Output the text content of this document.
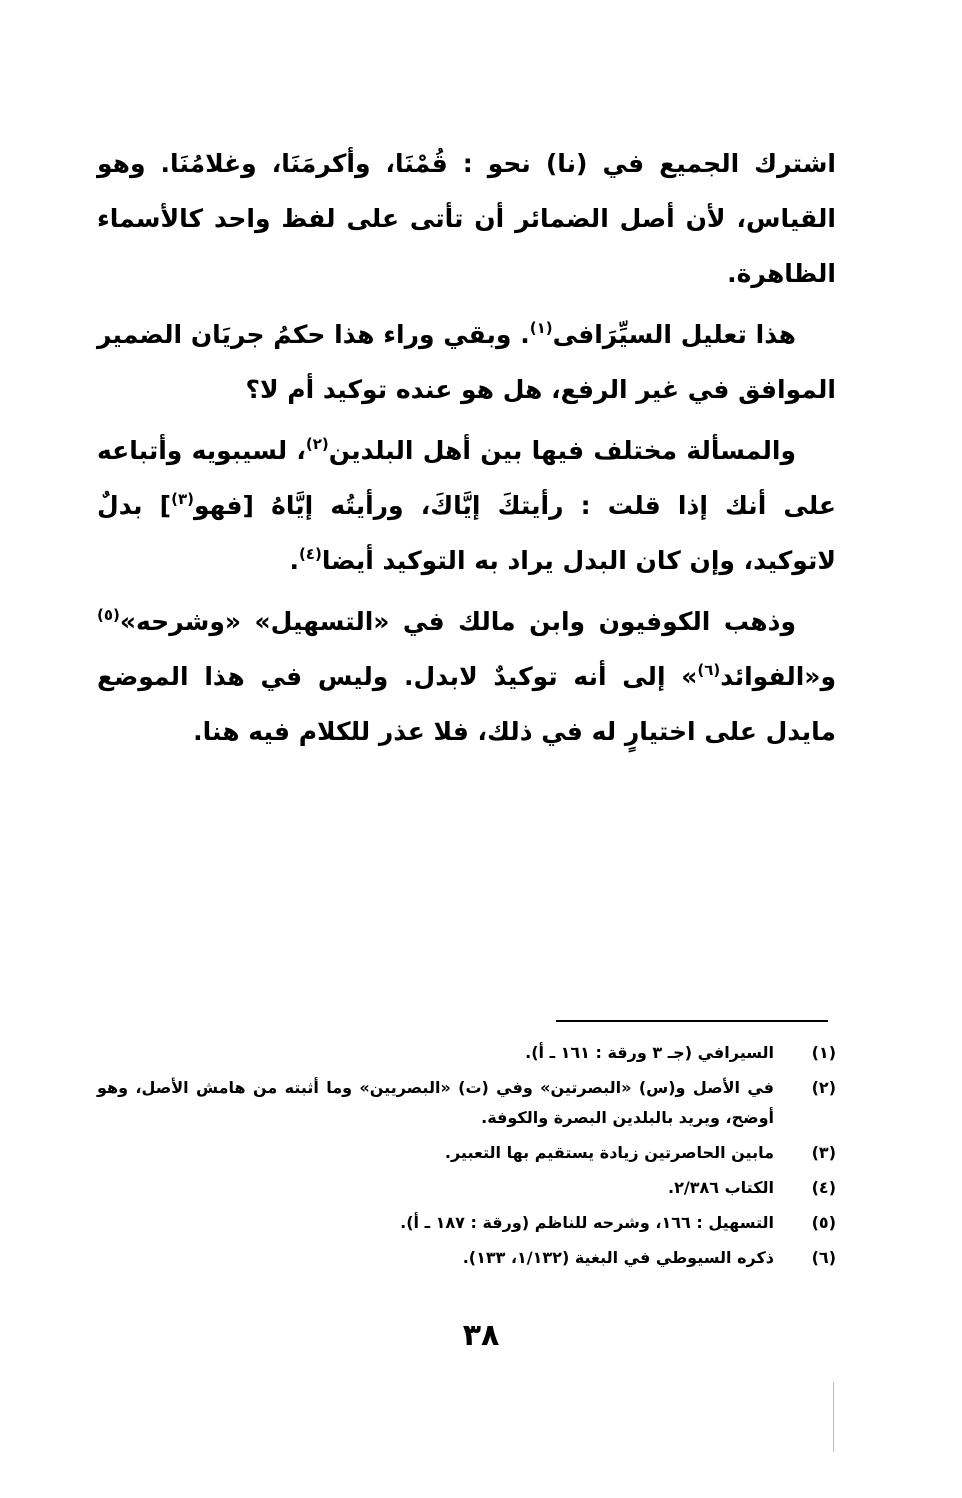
اشترك الجميع في (نا) نحو : قُمْنَا، وأكرمَنَا، وغلامُنَا. وهو القياس، لأن أصل الضمائر أن تأتى على لفظ واحد كالأسماء الظاهرة.

هذا تعليل السيِّرَافى$^{(١)}$. وبقي وراء هذا حكمُ جريَان الضمير الموافق في غير الرفع، هل هو عنده توكيد أم لا؟

والمسألة مختلف فيها بين أهل البلدين$^{(٢)}$، لسيبويه وأتباعه على أنك إذا قلت : رأيتكَ إيَّاكَ، ورأيتُه إيَّاهُ [فهو$^{(٣)}$] بدلٌ لاتوكيد، وإن كان البدل يراد به التوكيد أيضا$^{(٤)}$.

وذهب الكوفيون وابن مالك في «التسهيل» «وشرحه»$^{(٥)}$ و«الفوائد$^{(٦)}$» إلى أنه توكيدٌ لابدل. وليس في هذا الموضع مايدل على اختيارٍ له في ذلك، فلا عذر للكلام فيه هنا.

(١)
السيرافي (جـ ٣ ورقة : ١٦١ ـ أ).
(٢)
في الأصل و(س) «البصرتين» وفي (ت) «البصريين» وما أثبته من هامش الأصل، وهو أوضح، ويريد بالبلدين البصرة والكوفة.
(٣)
مابين الحاصرتين زيادة يستقيم بها التعبير.
(٤)
الكتاب ٢/٣٨٦.
(٥)
التسهيل : ١٦٦، وشرحه للناظم (ورقة : ١٨٧ ـ أ).
(٦)
ذكره السيوطي في البغية (١/١٣٢، ١٣٣).
٣٨
